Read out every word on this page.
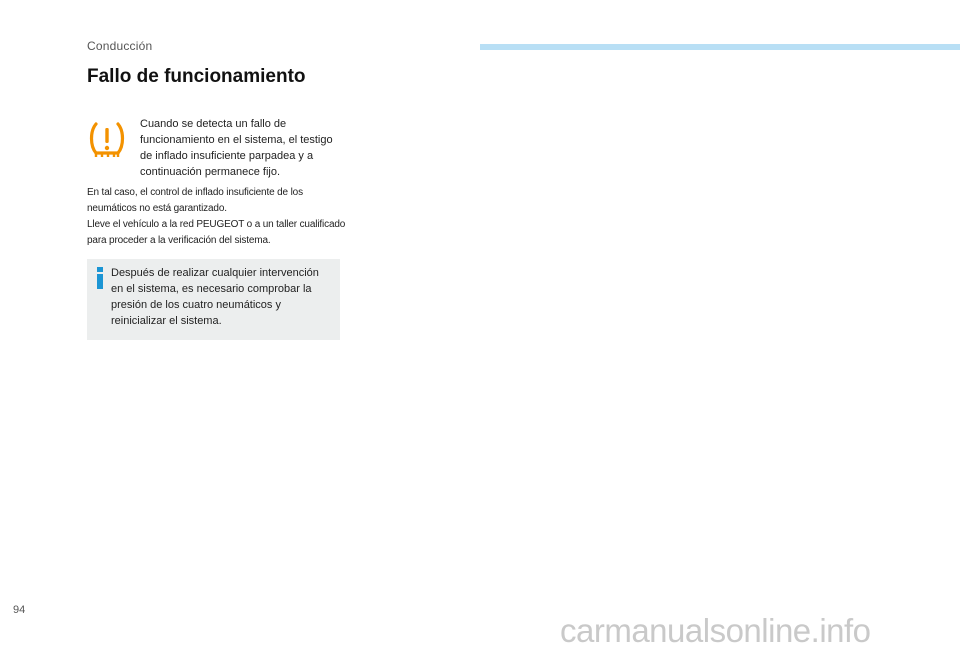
Conducción
Fallo de funcionamiento
Cuando se detecta un fallo de funcionamiento en el sistema, el testigo de inflado insuficiente parpadea y a continuación permanece fijo.

En tal caso, el control de inflado insuficiente de los neumáticos no está garantizado.

Lleve el vehículo a la red PEUGEOT o a un taller cualificado para proceder a la verificación del sistema.

Después de realizar cualquier intervención en el sistema, es necesario comprobar la presión de los cuatro neumáticos y reinicializar el sistema.
94
carmanualsonline.info
